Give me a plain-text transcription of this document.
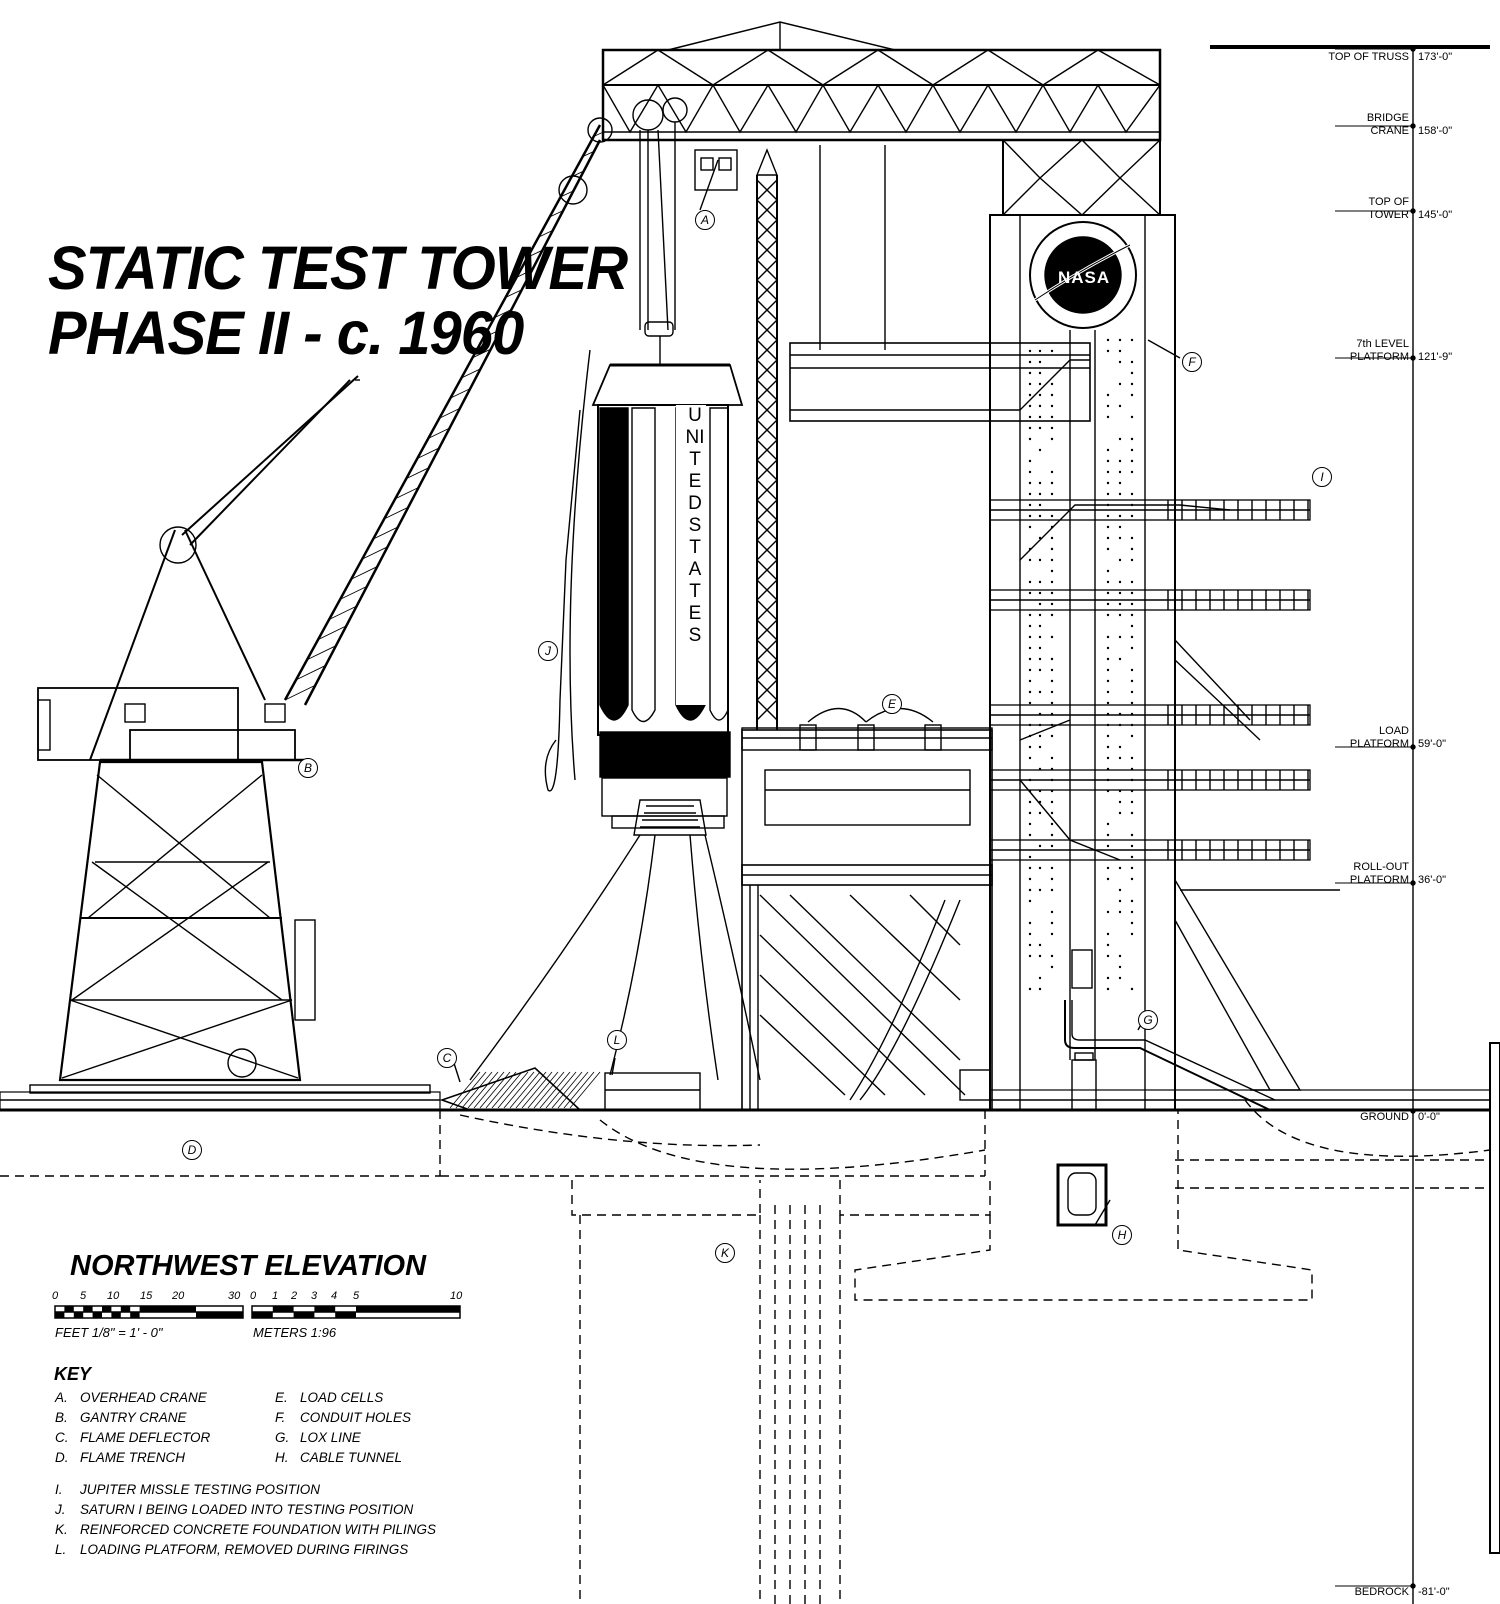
STATIC TEST TOWER
PHASE II - c. 1960
UNITED STATES
NASA
NORTHWEST ELEVATION
0 5 10 15 20	30 0 1 2 3 4 5	10
FEET 1/8" = 1' - 0"	METERS 1:96
KEY
A. OVERHEAD CRANE
B. GANTRY CRANE
C. FLAME DEFLECTOR
D. FLAME TRENCH
E. LOAD CELLS
F. CONDUIT HOLES
G. LOX LINE
H. CABLE TUNNEL
I. JUPITER MISSLE TESTING POSITION
J. SATURN I BEING LOADED INTO TESTING POSITION
K. REINFORCED CONCRETE FOUNDATION WITH PILINGS
L. LOADING PLATFORM, REMOVED DURING FIRINGS
TOP OF TRUSS 173'-0"
BRIDGE
CRANE 158'-0"
TOP OF
TOWER 145'-0"
7th LEVEL
PLATFORM 121'-9"
LOAD
PLATFORM 59'-0"
ROLL-OUT
PLATFORM 36'-0"
GROUND 0'-0"
BEDROCK -81'-0"
A
B
C
D
E
F
G
H
I
J
K
L
